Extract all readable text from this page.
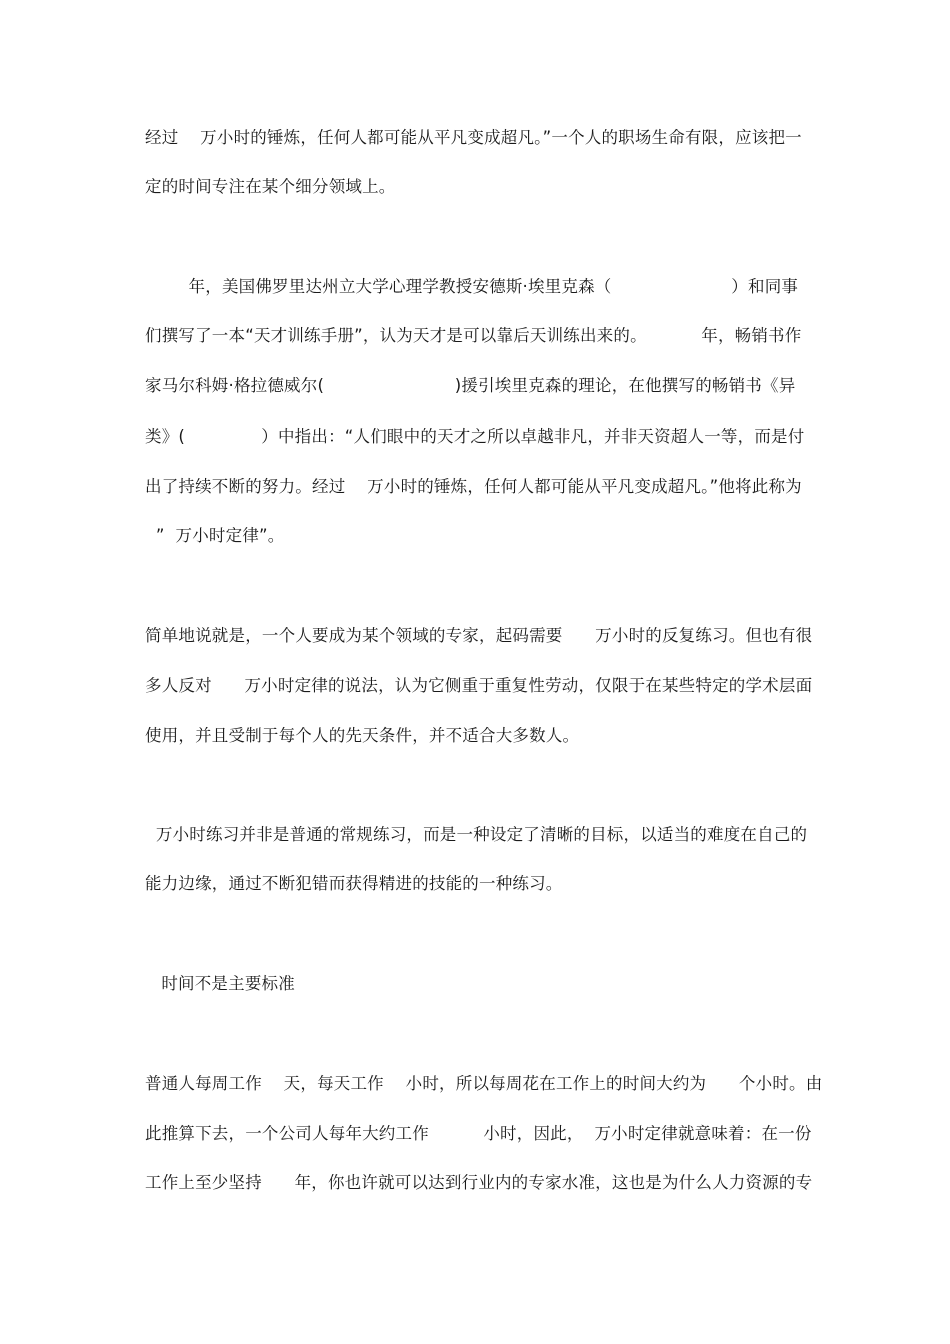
经过    万小时的锤炼，任何人都可能从平凡变成超凡。”一个人的职场生命有限，应该把一
定的时间专注在某个细分领域上。
年，美国佛罗里达州立大学心理学教授安德斯·埃里克森（                      ）和同事
们撰写了一本“天才训练手册”，认为天才是可以靠后天训练出来的。          年，畅销书作
家马尔科姆·格拉德威尔(                        )援引埃里克森的理论，在他撰写的畅销书《异
类》(              ）中指出：“人们眼中的天才之所以卓越非凡，并非天资超人一等，而是付
出了持续不断的努力。经过    万小时的锤炼，任何人都可能从平凡变成超凡。”他将此称为
”  万小时定律”。
简单地说就是，一个人要成为某个领域的专家，起码需要      万小时的反复练习。但也有很
多人反对      万小时定律的说法，认为它侧重于重复性劳动，仅限于在某些特定的学术层面
使用，并且受制于每个人的先天条件，并不适合大多数人。
万小时练习并非是普通的常规练习，而是一种设定了清晰的目标，以适当的难度在自己的
能力边缘，通过不断犯错而获得精进的技能的一种练习。
时间不是主要标准
普通人每周工作    天，每天工作    小时，所以每周花在工作上的时间大约为      个小时。由
此推算下去，一个公司人每年大约工作          小时，因此，  万小时定律就意味着：在一份
工作上至少坚持      年，你也许就可以达到行业内的专家水准，这也是为什么人力资源的专
